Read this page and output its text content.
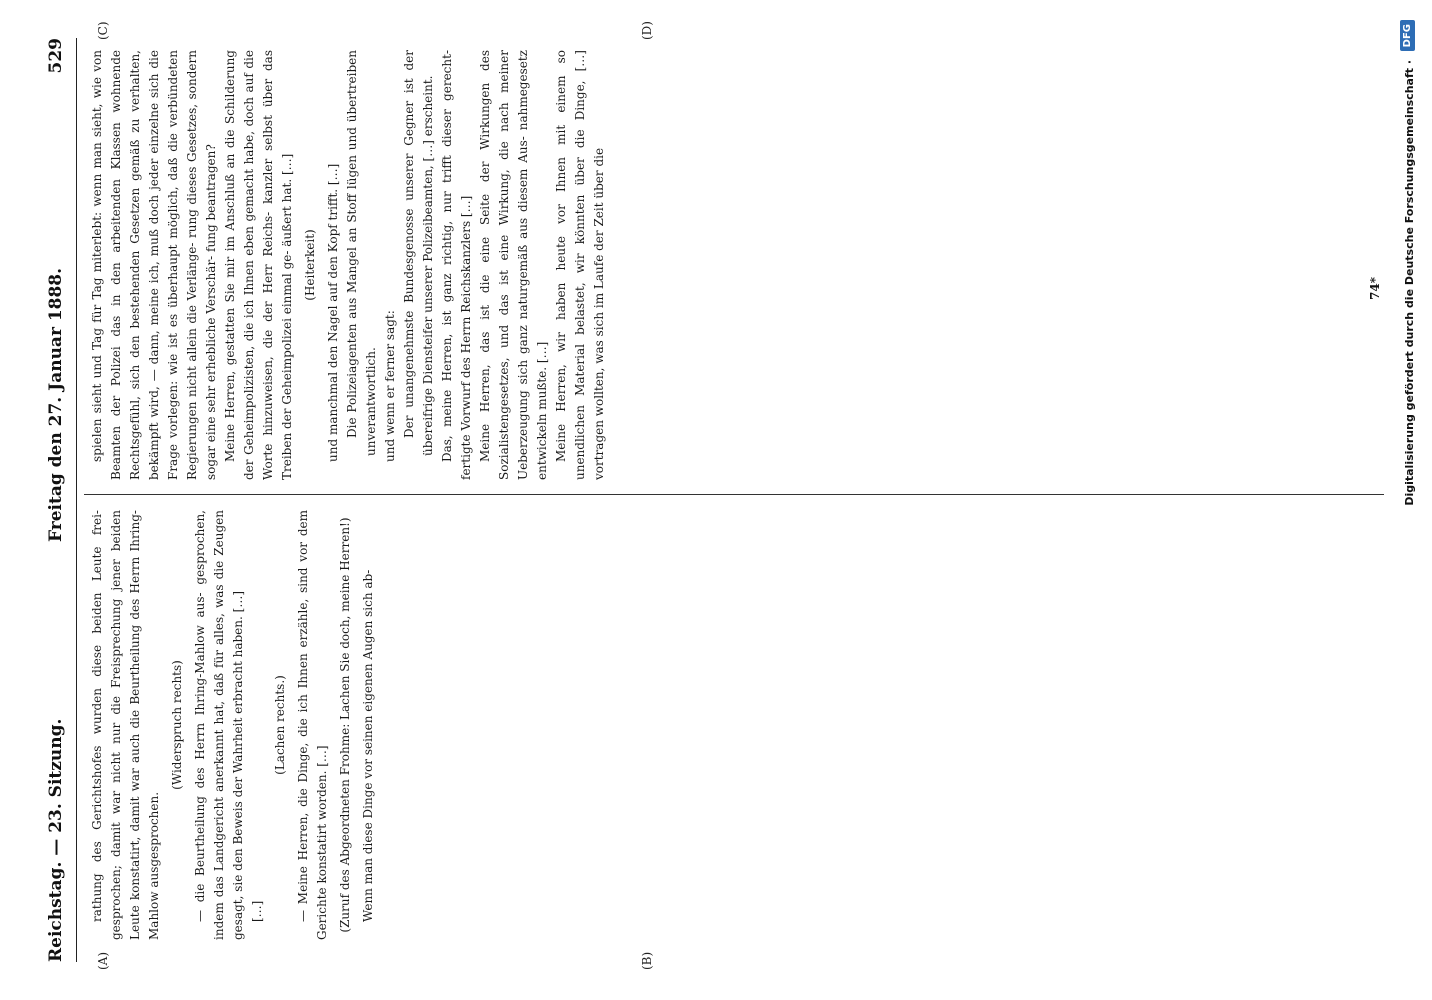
Reichstag. — 23. Sitzung.
Freitag den 27. Januar 1888.
529
(A)	(B)
(C)	(D)

rathung des Gerichtshofes wurden diese beiden Leute frei- gesprochen; damit war nicht nur die Freisprechung jener beiden Leute konstatirt, damit war auch die Beurtheilung des Herrn Ihring-Mahlow ausgesprochen.

(Widerspruch rechts) — die Beurtheilung des Herrn Ihring-Mahlow aus- gesprochen, indem das Landgericht anerkannt hat, daß für alles, was die Zeugen gesagt, sie den Beweis der Wahrheit erbracht haben. […] […]

(Lachen rechts.) — Meine Herren, die Dinge, die ich Ihnen erzähle, sind vor dem Gerichte konstatirt worden. […] (Zuruf des Abgeordneten Frohme: Lachen Sie doch, meine Herren!) Wenn man diese Dinge vor seinen eigenen Augen sich ab-

spielen sieht und Tag für Tag miterlebt: wenn man sieht, wie von Beamten der Polizei das in den arbeitenden Klassen wohnende Rechtsgefühl, sich den bestehenden Gesetzen gemäß zu verhalten, bekämpft wird, — dann, meine ich, muß doch jeder einzelne sich die Frage vorlegen: wie ist es überhaupt möglich, daß die verbündeten Regierungen nicht allein die Verlänge- rung dieses Gesetzes, sondern sogar eine sehr erhebliche Verschär- fung beantragen? Meine Herren, gestatten Sie mir im Anschluß an die Schilderung der Geheimpolizisten, die ich Ihnen eben gemacht habe, doch auf die Worte hinzuweisen, die der Herr Reichs- kanzler selbst über das Treiben der Geheimpolizei einmal ge- äußert hat. […] (Heiterkeit) und manchmal den Nagel auf den Kopf trifft. […] Die Polizeiagenten aus Mangel an Stoff lügen und übertreiben unverantwortlich. und wenn er ferner sagt: Der unangenehmste Bundesgenosse unserer Gegner ist der übereifrige Diensteifer unserer Polizeibeamten, […] erscheint. Das, meine Herren, ist ganz richtig, nur trifft dieser gerecht- fertigte Vorwurf des Herrn Reichskanzlers […] Meine Herren, das ist die eine Seite der Wirkungen des Sozialistengesetzes, und das ist eine Wirkung, die nach meiner Ueberzeugung sich ganz naturgemäß aus diesem Aus- nahmegesetz entwickeln mußte. […] Meine Herren, wir haben heute vor Ihnen mit einem so unendlichen Material belastet, wir könnten über die Dinge, […] vortragen wollten, was sich im Laufe der Zeit über die	74* Digitalisierung gefördert durch die Deutsche Forschungsgemeinschaft ·
DFG
